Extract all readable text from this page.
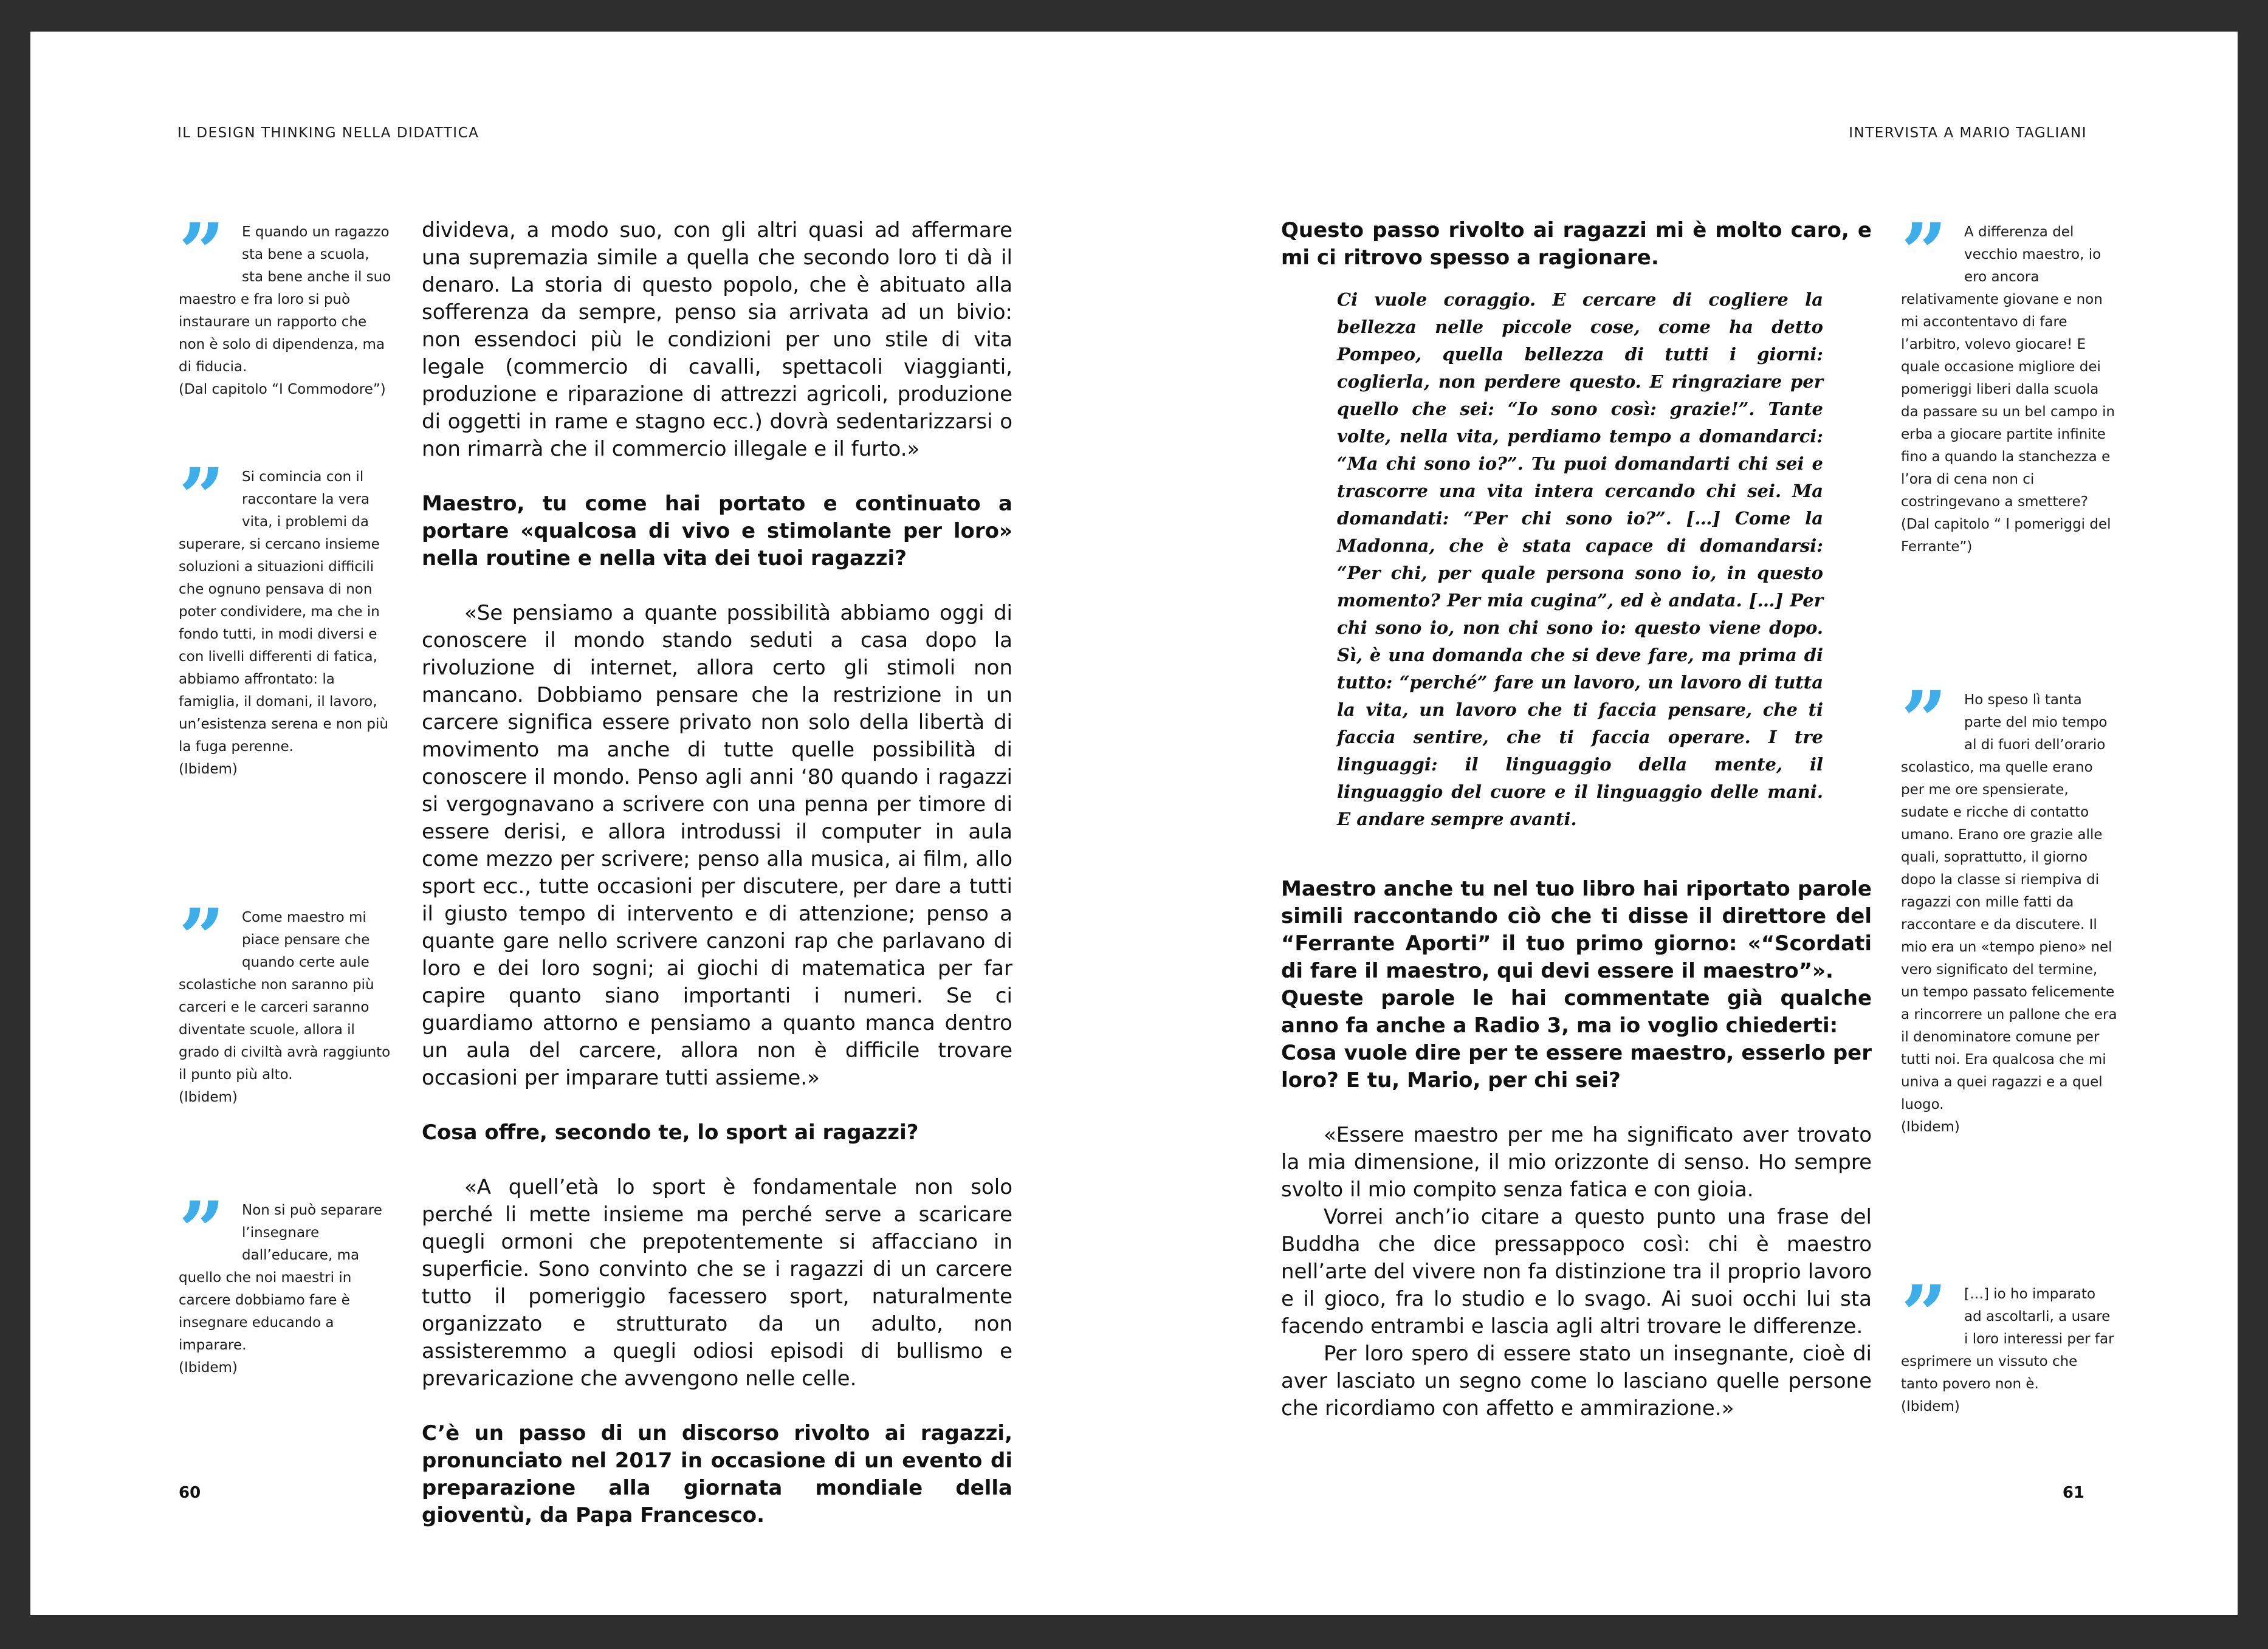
IL DESIGN THINKING NELLA DIDATTICA
”	E quando un ragazzo sta bene a scuola, sta bene anche il suo maestro e fra loro si può instaurare un rapporto che non è solo di dipendenza, ma di fiducia.
(Dal capitolo “I Commodore”)
”	Si comincia con il raccontare la vera vita, i problemi da superare, si cercano insieme soluzioni a situazioni difficili che ognuno pensava di non poter condividere, ma che in fondo tutti, in modi diversi e con livelli differenti di fatica, abbiamo affrontato: la famiglia, il domani, il lavoro, un’esistenza serena e non più la fuga perenne.
(Ibidem)
”	Come maestro mi piace pensare che quando certe aule scolastiche non saranno più carceri e le carceri saranno diventate scuole, allora il grado di civiltà avrà raggiunto il punto più alto.
(Ibidem)
”	Non si può separare l’insegnare dall’educare, ma quello che noi maestri in carcere dobbiamo fare è insegnare educando a imparare.
(Ibidem)

divideva, a modo suo, con gli altri quasi ad affermare una supremazia simile a quella che secondo loro ti dà il denaro. La storia di questo popolo, che è abituato alla sofferenza da sempre, penso sia arrivata ad un bivio: non essendoci più le condizioni per uno stile di vita legale (commercio di cavalli, spettacoli viaggianti, produzione e riparazione di attrezzi agricoli, produzione di oggetti in rame e stagno ecc.) dovrà sedentarizzarsi o non rimarrà che il commercio illegale e il furto.»

Maestro, tu come hai portato e continuato a portare «qualcosa di vivo e stimolante per loro» nella routine e nella vita dei tuoi ragazzi?

«Se pensiamo a quante possibilità abbiamo oggi di conoscere il mondo stando seduti a casa dopo la rivoluzione di internet, allora certo gli stimoli non mancano. Dobbiamo pensare che la restrizione in un carcere significa essere privato non solo della libertà di movimento ma anche di tutte quelle possibilità di conoscere il mondo. Penso agli anni ‘80 quando i ragazzi si vergognavano a scrivere con una penna per timore di essere derisi, e allora introdussi il computer in aula come mezzo per scrivere; penso alla musica, ai film, allo sport ecc., tutte occasioni per discutere, per dare a tutti il giusto tempo di intervento e di attenzione; penso a quante gare nello scrivere canzoni rap che parlavano di loro e dei loro sogni; ai giochi di matematica per far capire quanto siano importanti i numeri. Se ci guardiamo attorno e pensiamo a quanto manca dentro un aula del carcere, allora non è difficile trovare occasioni per imparare tutti assieme.»

Cosa offre, secondo te, lo sport ai ragazzi?

«A quell’età lo sport è fondamentale non solo perché li mette insieme ma perché serve a scaricare quegli ormoni che prepotentemente si affacciano in superficie. Sono convinto che se i ragazzi di un carcere tutto il pomeriggio facessero sport, naturalmente organizzato e strutturato da un adulto, non assisteremmo a quegli odiosi episodi di bullismo e prevaricazione che avvengono nelle celle.

C’è un passo di un discorso rivolto ai ragazzi, pronunciato nel 2017 in occasione di un evento di preparazione alla giornata mondiale della gioventù, da Papa Francesco.

60
INTERVISTA A MARIO TAGLIANI

Questo passo rivolto ai ragazzi mi è molto caro, e mi ci ritrovo spesso a ragionare.

Ci vuole coraggio. E cercare di cogliere la bellezza nelle piccole cose, come ha detto Pompeo, quella bellezza di tutti i giorni: coglierla, non perdere questo. E ringraziare per quello che sei: “Io sono così: grazie!”. Tante volte, nella vita, perdiamo tempo a domandarci: “Ma chi sono io?”. Tu puoi domandarti chi sei e trascorre una vita intera cercando chi sei. Ma domandati: “Per chi sono io?”. […] Come la Madonna, che è stata capace di domandarsi: “Per chi, per quale persona sono io, in questo momento? Per mia cugina”, ed è andata. […] Per chi sono io, non chi sono io: questo viene dopo. Sì, è una domanda che si deve fare, ma prima di tutto: “perché” fare un lavoro, un lavoro di tutta la vita, un lavoro che ti faccia pensare, che ti faccia sentire, che ti faccia operare. I tre linguaggi: il linguaggio della mente, il linguaggio del cuore e il linguaggio delle mani. E andare sempre avanti.

Maestro anche tu nel tuo libro hai riportato parole simili raccontando ciò che ti disse il direttore del “Ferrante Aporti” il tuo primo giorno: «“Scordati di fare il maestro, qui devi essere il maestro”».

Queste parole le hai commentate già qualche anno fa anche a Radio 3, ma io voglio chiederti:

Cosa vuole dire per te essere maestro, esserlo per loro? E tu, Mario, per chi sei?

«Essere maestro per me ha significato aver trovato la mia dimensione, il mio orizzonte di senso. Ho sempre svolto il mio compito senza fatica e con gioia.

Vorrei anch’io citare a questo punto una frase del Buddha che dice pressappoco così: chi è maestro nell’arte del vivere non fa distinzione tra il proprio lavoro e il gioco, fra lo studio e lo svago. Ai suoi occhi lui sta facendo entrambi e lascia agli altri trovare le differenze.

Per loro spero di essere stato un insegnante, cioè di aver lasciato un segno come lo lasciano quelle persone che ricordiamo con affetto e ammirazione.»

”	A differenza del vecchio maestro, io ero ancora relativamente giovane e non mi accontentavo di fare l’arbitro, volevo giocare! E quale occasione migliore dei pomeriggi liberi dalla scuola da passare su un bel campo in erba a giocare partite infinite fino a quando la stanchezza e l’ora di cena non ci costringevano a smettere?
(Dal capitolo “ I pomeriggi del Ferrante”)
”	Ho speso lì tanta parte del mio tempo al di fuori dell’orario scolastico, ma quelle erano per me ore spensierate, sudate e ricche di contatto umano. Erano ore grazie alle quali, soprattutto, il giorno dopo la classe si riempiva di ragazzi con mille fatti da raccontare e da discutere. Il mio era un «tempo pieno» nel vero significato del termine, un tempo passato felicemente a rincorrere un pallone che era il denominatore comune per tutti noi. Era qualcosa che mi univa a quei ragazzi e a quel luogo.
(Ibidem)
”	[…] io ho imparato ad ascoltarli, a usare i loro interessi per far esprimere un vissuto che tanto povero non è.
(Ibidem)
61
